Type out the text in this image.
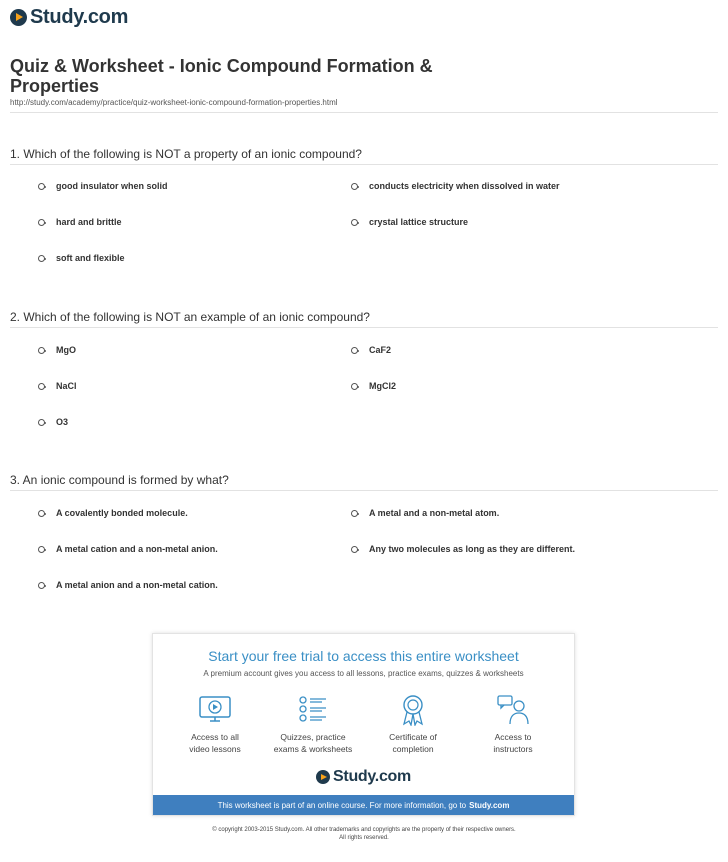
Study.com
Quiz & Worksheet - Ionic Compound Formation &
Properties
http://study.com/academy/practice/quiz-worksheet-ionic-compound-formation-properties.html
1. Which of the following is NOT a property of an ionic compound?
good insulator when solid	conducts electricity when dissolved in water
hard and brittle	crystal lattice structure
soft and flexible
2. Which of the following is NOT an example of an ionic compound?
MgO	CaF2
NaCl	MgCl2
O3
3. An ionic compound is formed by what?
A covalently bonded molecule.	A metal and a non-metal atom.
A metal cation and a non-metal anion.	Any two molecules as long as they are different.
A metal anion and a non-metal cation.
Start your free trial to access this entire worksheet
A premium account gives you access to all lessons, practice exams, quizzes & worksheets
Access to all
video lessons
Quizzes, practice
exams & worksheets
Certificate of
completion
Access to
instructors
Study.com
This worksheet is part of an online course. For more information, go to Study.com
© copyright 2003-2015 Study.com. All other trademarks and copyrights are the property of their respective owners.
All rights reserved.
